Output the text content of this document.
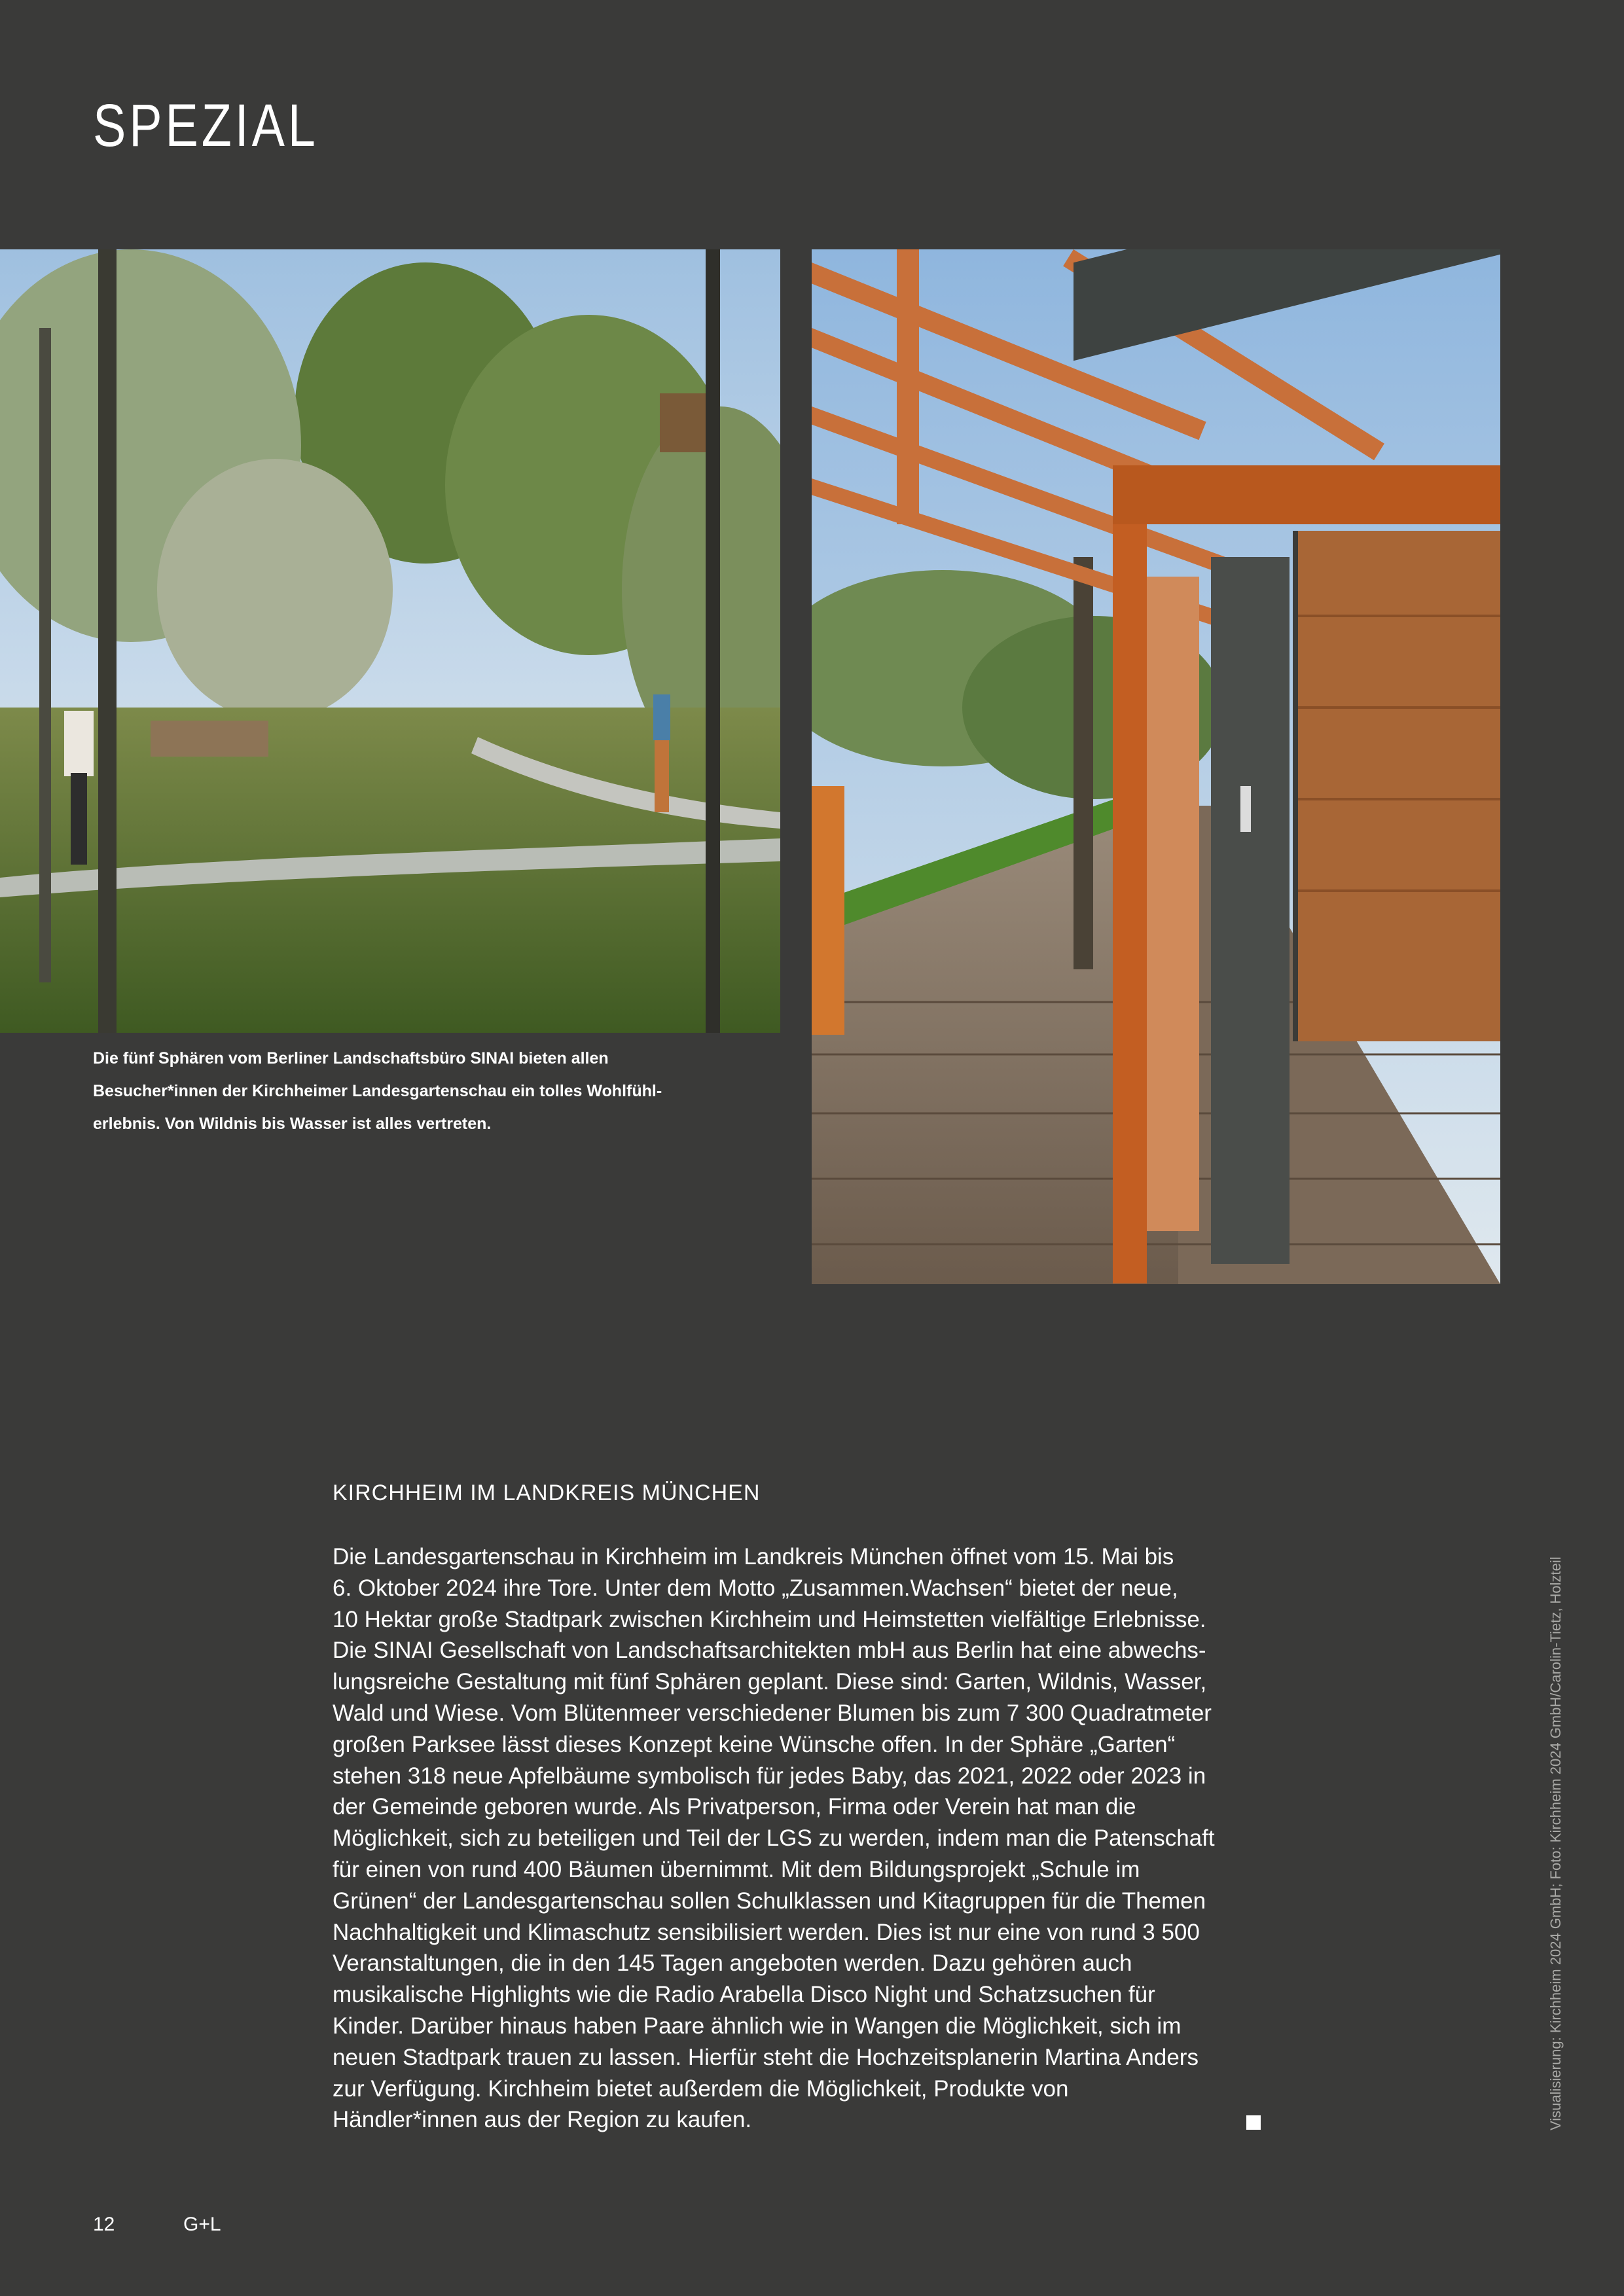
SPEZIAL
Die fünf Sphären vom Berliner Landschaftsbüro SINAI bieten allen
Besucher*innen der Kirchheimer Landesgartenschau ein tolles Wohlfühl-
erlebnis. Von Wildnis bis Wasser ist alles vertreten.
KIRCHHEIM IM LANDKREIS MÜNCHEN
Die Landesgartenschau in Kirchheim im Landkreis München öffnet vom 15. Mai bis
6. Oktober 2024 ihre Tore. Unter dem Motto „Zusammen.Wachsen“ bietet der neue,
10 Hektar große Stadtpark zwischen Kirchheim und Heimstetten vielfältige Erlebnisse.
Die SINAI Gesellschaft von Landschaftsarchitekten mbH aus Berlin hat eine abwechs-
lungsreiche Gestaltung mit fünf Sphären geplant. Diese sind: Garten, Wildnis, Wasser,
Wald und Wiese. Vom Blütenmeer verschiedener Blumen bis zum 7 300 Quadratmeter
großen Parksee lässt dieses Konzept keine Wünsche offen. In der Sphäre „Garten“
stehen 318 neue Apfelbäume symbolisch für jedes Baby, das 2021, 2022 oder 2023 in
der Gemeinde geboren wurde. Als Privatperson, Firma oder Verein hat man die
Möglichkeit, sich zu beteiligen und Teil der LGS zu werden, indem man die Patenschaft
für einen von rund 400 Bäumen übernimmt. Mit dem Bildungsprojekt „Schule im
Grünen“ der Landesgartenschau sollen Schulklassen und Kitagruppen für die Themen
Nachhaltigkeit und Klimaschutz sensibilisiert werden. Dies ist nur eine von rund 3 500
Veranstaltungen, die in den 145 Tagen angeboten werden. Dazu gehören auch
musikalische Highlights wie die Radio Arabella Disco Night und Schatzsuchen für
Kinder. Darüber hinaus haben Paare ähnlich wie in Wangen die Möglichkeit, sich im
neuen Stadtpark trauen zu lassen. Hierfür steht die Hochzeitsplanerin Martina Anders
zur Verfügung. Kirchheim bietet außerdem die Möglichkeit, Produkte von
Händler*innen aus der Region zu kaufen.	Visualisierung: Kirchheim 2024 GmbH; Foto: Kirchheim 2024 GmbH/Carolin-Tietz, Holzteil
12	G+L
